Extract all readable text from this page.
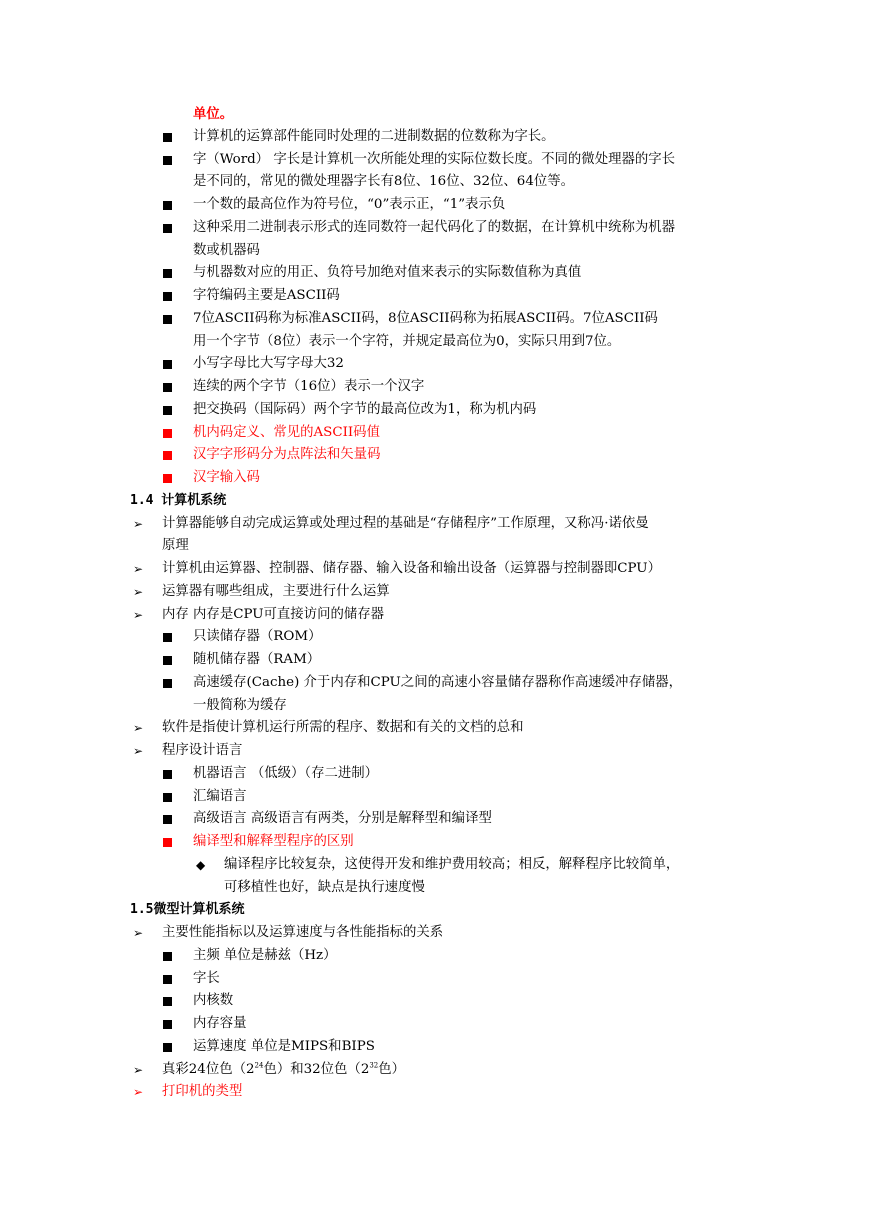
单位。
计算机的运算部件能同时处理的二进制数据的位数称为字长。
字（Word） 字长是计算机一次所能处理的实际位数长度。不同的微处理器的字长
是不同的，常见的微处理器字长有8位、16位、32位、64位等。
一个数的最高位作为符号位，“0”表示正，“1”表示负
这种采用二进制表示形式的连同数符一起代码化了的数据，在计算机中统称为机器
数或机器码
与机器数对应的用正、负符号加绝对值来表示的实际数值称为真值
字符编码主要是ASCII码
7位ASCII码称为标准ASCII码，8位ASCII码称为拓展ASCII码。7位ASCII码
用一个字节（8位）表示一个字符，并规定最高位为0，实际只用到7位。
小写字母比大写字母大32
连续的两个字节（16位）表示一个汉字
把交换码（国际码）两个字节的最高位改为1，称为机内码
机内码定义、常见的ASCII码值
汉字字形码分为点阵法和矢量码
汉字输入码
1.4 计算机系统
➢ 计算器能够自动完成运算或处理过程的基础是“存储程序”工作原理，又称冯·诺依曼
原理
➢ 计算机由运算器、控制器、储存器、输入设备和输出设备（运算器与控制器即CPU）
➢ 运算器有哪些组成，主要进行什么运算
➢ 内存 内存是CPU可直接访问的储存器
只读储存器（ROM）
随机储存器（RAM）
高速缓存(Cache) 介于内存和CPU之间的高速小容量储存器称作高速缓冲存储器，
一般简称为缓存
➢ 软件是指使计算机运行所需的程序、数据和有关的文档的总和
➢ 程序设计语言
机器语言 （低级）（存二进制）
汇编语言
高级语言 高级语言有两类，分别是解释型和编译型
编译型和解释型程序的区别
◆ 编译程序比较复杂，这使得开发和维护费用较高；相反，解释程序比较简单，
可移植性也好，缺点是执行速度慢
1.5微型计算机系统
➢ 主要性能指标以及运算速度与各性能指标的关系
主频 单位是赫兹（Hz）
字长
内核数
内存容量
运算速度 单位是MIPS和BIPS
➢ 真彩24位色（$2^{24}$色）和32位色（$2^{32}$色）
➢ 打印机的类型
